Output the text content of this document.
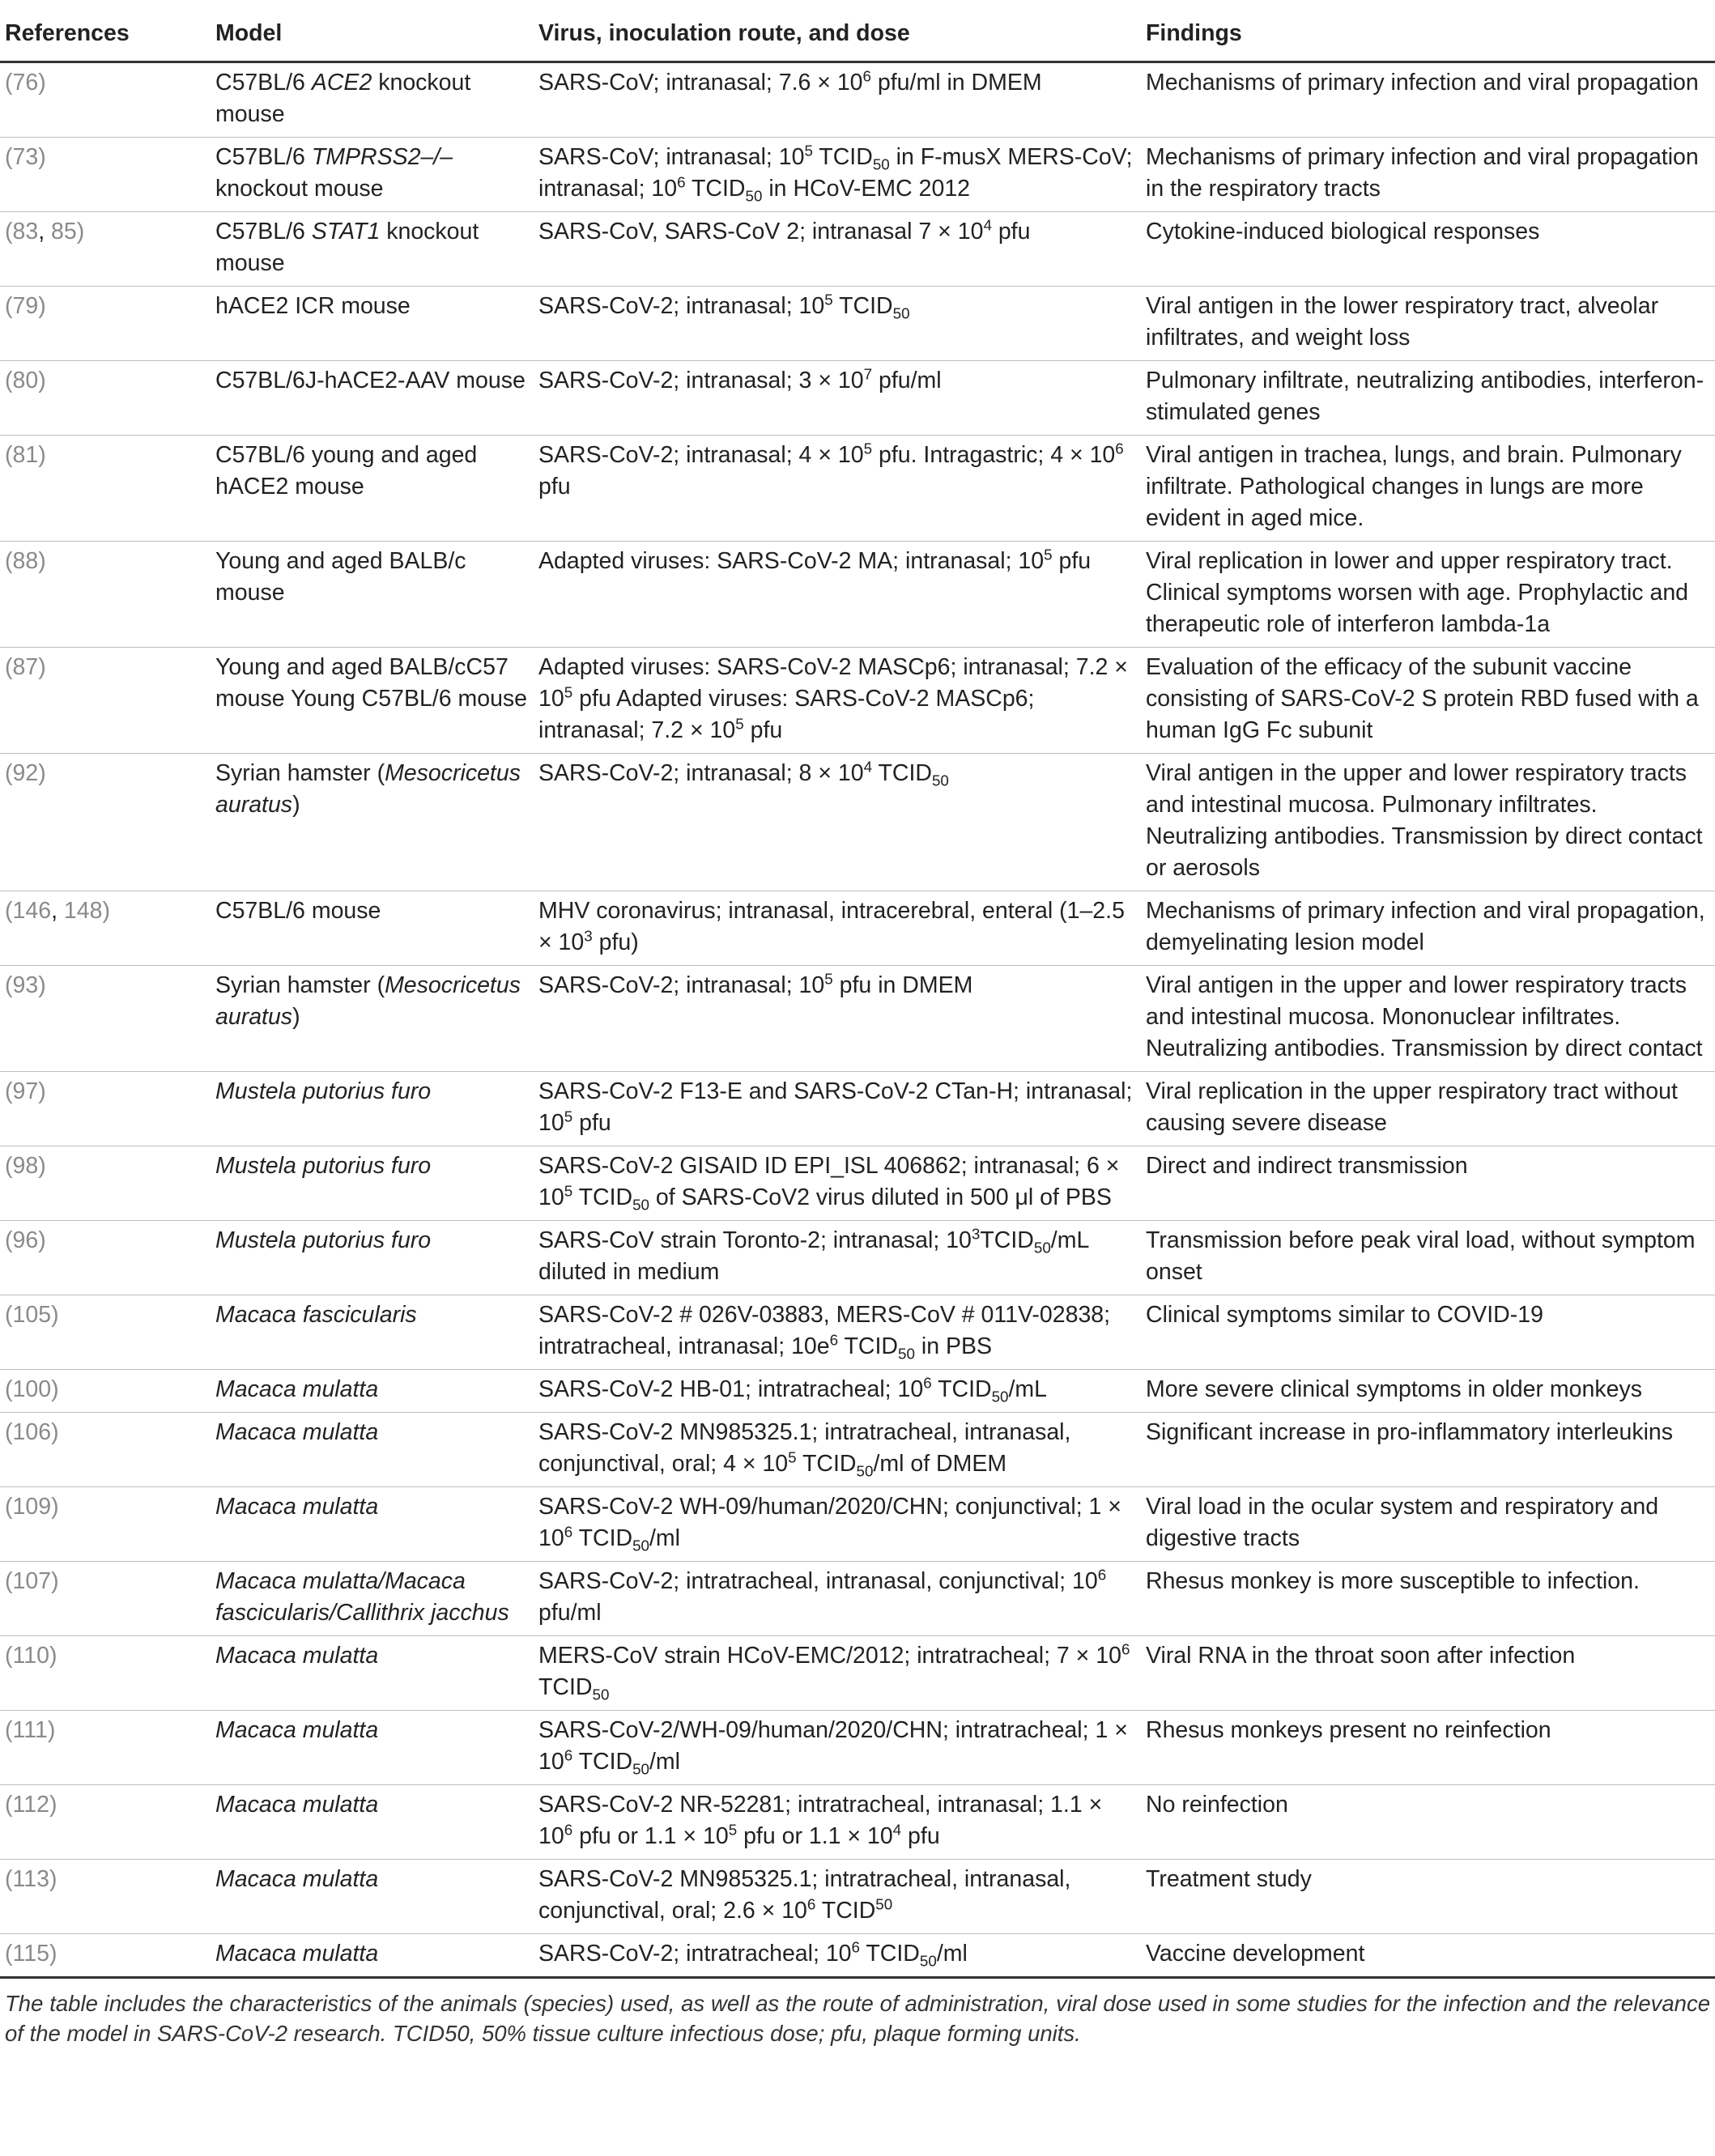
References	Model	Virus, inoculation route, and dose	Findings
(76)	C57BL/6 ACE2 knockout mouse	SARS-CoV; intranasal; $7.6 \times 10^6$ pfu/ml in DMEM	Mechanisms of primary infection and viral propagation
(73)	C57BL/6 TMPRSS2–/– knockout mouse	SARS-CoV; intranasal; $10^5$ $TCID_{50}$ in F-musX MERS-CoV; intranasal; $10^6$ $TCID_{50}$ in HCoV-EMC 2012	Mechanisms of primary infection and viral propagation in the respiratory tracts
(83, 85)	C57BL/6 STAT1 knockout mouse	SARS-CoV, SARS-CoV 2; intranasal $7 \times 10^4$ pfu	Cytokine-induced biological responses
(79)	hACE2 ICR mouse	SARS-CoV-2; intranasal; $10^5$ $TCID_{50}$	Viral antigen in the lower respiratory tract, alveolar infiltrates, and weight loss
(80)	C57BL/6J-hACE2-AAV mouse	SARS-CoV-2; intranasal; $3 \times 10^7$ pfu/ml	Pulmonary infiltrate, neutralizing antibodies, interferon-stimulated genes
(81)	C57BL/6 young and aged hACE2 mouse	SARS-CoV-2; intranasal; $4 \times 10^5$ pfu. Intragastric; $4 \times 10^6$ pfu	Viral antigen in trachea, lungs, and brain. Pulmonary infiltrate. Pathological changes in lungs are more evident in aged mice.
(88)	Young and aged BALB/c mouse	Adapted viruses: SARS-CoV-2 MA; intranasal; $10^5$ pfu	Viral replication in lower and upper respiratory tract. Clinical symptoms worsen with age. Prophylactic and therapeutic role of interferon lambda-1a
(87)	Young and aged BALB/cC57 mouse Young C57BL/6 mouse	Adapted viruses: SARS-CoV-2 MASCp6; intranasal; $7.2 \times 10^5$ pfu Adapted viruses: SARS-CoV-2 MASCp6; intranasal; $7.2 \times 10^5$ pfu	Evaluation of the efficacy of the subunit vaccine consisting of SARS-CoV-2 S protein RBD fused with a human IgG Fc subunit
(92)	Syrian hamster (Mesocricetus auratus)	SARS-CoV-2; intranasal; $8 \times 10^4$ $TCID_{50}$	Viral antigen in the upper and lower respiratory tracts and intestinal mucosa. Pulmonary infiltrates. Neutralizing antibodies. Transmission by direct contact or aerosols
(146, 148)	C57BL/6 mouse	MHV coronavirus; intranasal, intracerebral, enteral ($1-2.5 \times 10^3$ pfu)	Mechanisms of primary infection and viral propagation, demyelinating lesion model
(93)	Syrian hamster (Mesocricetus auratus)	SARS-CoV-2; intranasal; $10^5$ pfu in DMEM	Viral antigen in the upper and lower respiratory tracts and intestinal mucosa. Mononuclear infiltrates. Neutralizing antibodies. Transmission by direct contact
(97)	Mustela putorius furo	SARS-CoV-2 F13-E and SARS-CoV-2 CTan-H; intranasal; $10^5$ pfu	Viral replication in the upper respiratory tract without causing severe disease
(98)	Mustela putorius furo	SARS-CoV-2 GISAID ID EPI_ISL 406862; intranasal; $6 \times 10^5$ $TCID_{50}$ of SARS-CoV2 virus diluted in 500 μl of PBS	Direct and indirect transmission
(96)	Mustela putorius furo	SARS-CoV strain Toronto-2; intranasal; $10^3TCID_{50}/mL$ diluted in medium	Transmission before peak viral load, without symptom onset
(105)	Macaca fascicularis	SARS-CoV-2 # 026V-03883, MERS-CoV # 011V-02838; intratracheal, intranasal; $10e^6$ $TCID_{50}$ in PBS	Clinical symptoms similar to COVID-19
(100)	Macaca mulatta	SARS-CoV-2 HB-01; intratracheal; $10^6$ $TCID_{50}/mL$	More severe clinical symptoms in older monkeys
(106)	Macaca mulatta	SARS-CoV-2 MN985325.1; intratracheal, intranasal, conjunctival, oral; $4 \times 10^5$ $TCID_{50}/ml$ of DMEM	Significant increase in pro-inflammatory interleukins
(109)	Macaca mulatta	SARS-CoV-2 WH-09/human/2020/CHN; conjunctival; $1 \times 10^6$ $TCID_{50}/ml$	Viral load in the ocular system and respiratory and digestive tracts
(107)	Macaca mulatta/Macaca fascicularis/Callithrix jacchus	SARS-CoV-2; intratracheal, intranasal, conjunctival; $10^6$ pfu/ml	Rhesus monkey is more susceptible to infection.
(110)	Macaca mulatta	MERS-CoV strain HCoV-EMC/2012; intratracheal; $7 \times 10^6$ $TCID_{50}$	Viral RNA in the throat soon after infection
(111)	Macaca mulatta	SARS-CoV-2/WH-09/human/2020/CHN; intratracheal; $1 \times 10^6$ $TCID_{50}/ml$	Rhesus monkeys present no reinfection
(112)	Macaca mulatta	SARS-CoV-2 NR-52281; intratracheal, intranasal; $1.1 \times 10^6$ pfu or $1.1 \times 10^5$ pfu or $1.1 \times 10^4$ pfu	No reinfection
(113)	Macaca mulatta	SARS-CoV-2 MN985325.1; intratracheal, intranasal, conjunctival, oral; $2.6 \times 10^6$ TCID$^{50}$	Treatment study
(115)	Macaca mulatta	SARS-CoV-2; intratracheal; $10^6$ $TCID_{50}/ml$	Vaccine development
The table includes the characteristics of the animals (species) used, as well as the route of administration, viral dose used in some studies for the infection and the relevance of the model in SARS-CoV-2 research. TCID50, 50% tissue culture infectious dose; pfu, plaque forming units.
